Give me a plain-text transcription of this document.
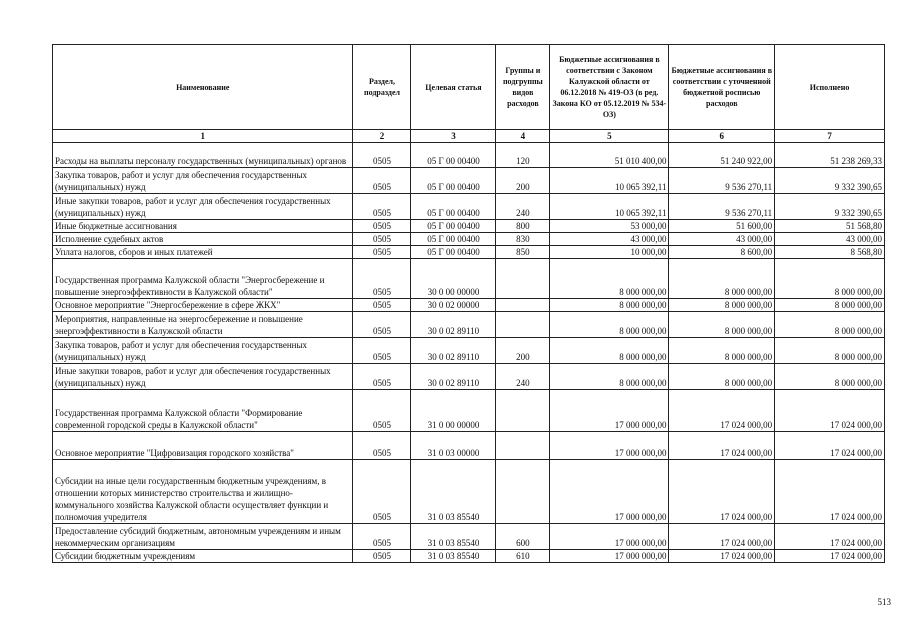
Наименование	Раздел, подраздел	Целевая статья	Группы и подгруппы видов расходов	Бюджетные ассигнования в соответствии с Законом Калужской области от 06.12.2018 № 419-ОЗ (в ред. Закона КО от 05.12.2019 № 534-ОЗ)	Бюджетные ассигнования в соответствии с уточненной бюджетной росписью расходов	Исполнено
1	2	3	4	5	6	7
Расходы на выплаты персоналу государственных (муниципальных) органов	0505	05 Г 00 00400	120	51 010 400,00	51 240 922,00	51 238 269,33
Закупка товаров, работ и услуг для обеспечения государственных (муниципальных) нужд	0505	05 Г 00 00400	200	10 065 392,11	9 536 270,11	9 332 390,65
Иные закупки товаров, работ и услуг для обеспечения государственных (муниципальных) нужд	0505	05 Г 00 00400	240	10 065 392,11	9 536 270,11	9 332 390,65
Иные бюджетные ассигнования	0505	05 Г 00 00400	800	53 000,00	51 600,00	51 568,80
Исполнение судебных актов	0505	05 Г 00 00400	830	43 000,00	43 000,00	43 000,00
Уплата налогов, сборов и иных платежей	0505	05 Г 00 00400	850	10 000,00	8 600,00	8 568,80
Государственная программа Калужской области "Энергосбережение и повышение энергоэффективности в Калужской области"	0505	30 0 00 00000		8 000 000,00	8 000 000,00	8 000 000,00
Основное мероприятие "Энергосбережение в сфере ЖКХ"	0505	30 0 02 00000		8 000 000,00	8 000 000,00	8 000 000,00
Мероприятия, направленные на энергосбережение и повышение энергоэффективности в Калужской области	0505	30 0 02 89110		8 000 000,00	8 000 000,00	8 000 000,00
Закупка товаров, работ и услуг для обеспечения государственных (муниципальных) нужд	0505	30 0 02 89110	200	8 000 000,00	8 000 000,00	8 000 000,00
Иные закупки товаров, работ и услуг для обеспечения государственных (муниципальных) нужд	0505	30 0 02 89110	240	8 000 000,00	8 000 000,00	8 000 000,00
Государственная программа Калужской области "Формирование современной городской среды в Калужской области"	0505	31 0 00 00000		17 000 000,00	17 024 000,00	17 024 000,00
Основное мероприятие "Цифровизация городского хозяйства"	0505	31 0 03 00000		17 000 000,00	17 024 000,00	17 024 000,00
Субсидии на иные цели государственным бюджетным учреждениям, в отношении которых министерство строительства и жилищно-коммунального хозяйства Калужской области осуществляет функции и полномочия учредителя	0505	31 0 03 85540		17 000 000,00	17 024 000,00	17 024 000,00
Предоставление субсидий бюджетным, автономным учреждениям и иным некоммерческим организациям	0505	31 0 03 85540	600	17 000 000,00	17 024 000,00	17 024 000,00
Субсидии бюджетным учреждениям	0505	31 0 03 85540	610	17 000 000,00	17 024 000,00	17 024 000,00
513
